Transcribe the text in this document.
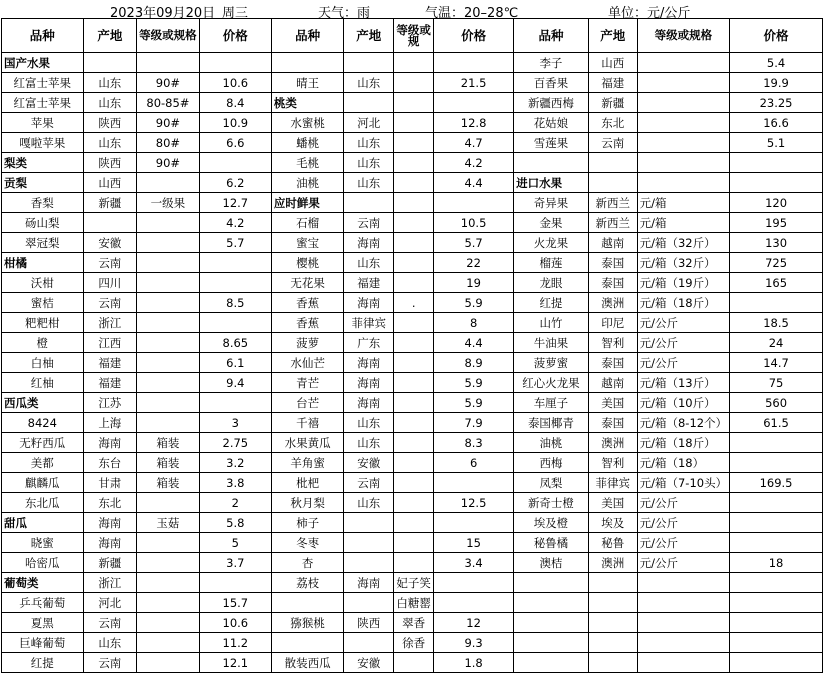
2023年09月20日 周三	天气：雨	气温：20–28℃	单位：元/公斤
品种	产地	等级或规格	价格	品种	产地	等级或规	价格	品种	产地	等级或规格	价格
国产水果								李子	山西		5.4
红富士苹果	山东	90#	10.6	晴王	山东		21.5	百香果	福建		19.9
红富士苹果	山东	80-85#	8.4	桃类				新疆西梅	新疆		23.25
苹果	陕西	90#	10.9	水蜜桃	河北		12.8	花姑娘	东北		16.6
嘎啦苹果	山东	80#	6.6	蟠桃	山东		4.7	雪莲果	云南		5.1
梨类	陕西	90#		毛桃	山东		4.2				
贡梨	山西		6.2	油桃	山东		4.4	进口水果			
香梨	新疆	一级果	12.7	应时鲜果				奇异果	新西兰	元/箱	120
砀山梨			4.2	石榴	云南		10.5	金果	新西兰	元/箱	195
翠冠梨	安徽		5.7	蜜宝	海南		5.7	火龙果	越南	元/箱（32斤）	130
柑橘	云南			樱桃	山东		22	榴莲	泰国	元/箱（32斤）	725
沃柑	四川			无花果	福建		19	龙眼	泰国	元/箱（19斤）	165
蜜桔	云南		8.5	香蕉	海南	.	5.9	红提	澳洲	元/箱（18斤）	
粑粑柑	浙江			香蕉	菲律宾		8	山竹	印尼	元/公斤	18.5
橙	江西		8.65	菠萝	广东		4.4	牛油果	智利	元/公斤	24
白柚	福建		6.1	水仙芒	海南		8.9	菠萝蜜	泰国	元/公斤	14.7
红柚	福建		9.4	青芒	海南		5.9	红心火龙果	越南	元/箱（13斤）	75
西瓜类	江苏			台芒	海南		5.9	车厘子	美国	元/箱（10斤）	560
8424	上海		3	千禧	山东		7.9	泰国椰青	泰国	元/箱（8-12个）	61.5
无籽西瓜	海南	箱装	2.75	水果黄瓜	山东		8.3	油桃	澳洲	元/箱（18斤）	
美都	东台	箱装	3.2	羊角蜜	安徽		6	西梅	智利	元/箱（18）	
麒麟瓜	甘肃	箱装	3.8	枇杷	云南			凤梨	菲律宾	元/箱（7-10头）	169.5
东北瓜	东北		2	秋月梨	山东		12.5	新奇士橙	美国	元/公斤	
甜瓜	海南	玉菇	5.8	柿子				埃及橙	埃及	元/公斤	
晓蜜	海南		5	冬枣			15	秘鲁橘	秘鲁	元/公斤	
哈密瓜	新疆		3.7	杏			3.4	澳桔	澳洲	元/公斤	18
葡萄类	浙江			荔枝	海南	妃子笑					
乒乓葡萄	河北		15.7			白糖罂					
夏黑	云南		10.6	猕猴桃	陕西	翠香	12				
巨峰葡萄	山东		11.2			徐香	9.3				
红提	云南		12.1	散装西瓜	安徽		1.8				
